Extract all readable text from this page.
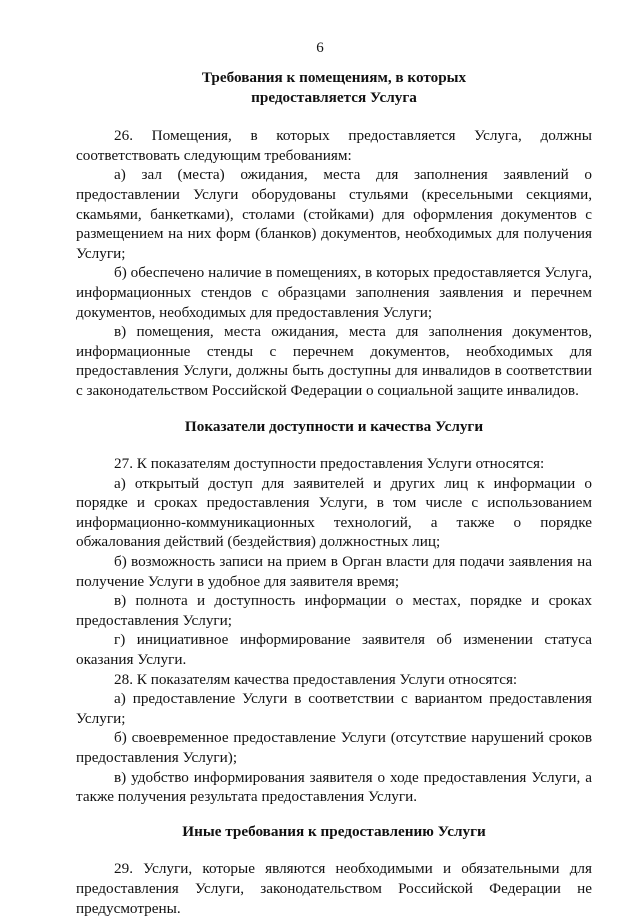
6
Требования к помещениям, в которых
предоставляется Услуга

26. Помещения, в которых предоставляется Услуга, должны соответствовать следующим требованиям:

а) зал (места) ожидания, места для заполнения заявлений о предоставлении Услуги оборудованы стульями (кресельными секциями, скамьями, банкетками), столами (стойками) для оформления документов с размещением на них форм (бланков) документов, необходимых для получения Услуги;

б) обеспечено наличие в помещениях, в которых предоставляется Услуга, информационных стендов с образцами заполнения заявления и перечнем документов, необходимых для предоставления Услуги;

в) помещения, места ожидания, места для заполнения документов, информационные стенды с перечнем документов, необходимых для предоставления Услуги, должны быть доступны для инвалидов в соответствии с законодательством Российской Федерации о социальной защите инвалидов.

Показатели доступности и качества Услуги

27. К показателям доступности предоставления Услуги относятся:

а) открытый доступ для заявителей и других лиц к информации о порядке и сроках предоставления Услуги, в том числе с использованием информационно-коммуникационных технологий, а также о порядке обжалования действий (бездействия) должностных лиц;

б) возможность записи на прием в Орган власти для подачи заявления на получение Услуги в удобное для заявителя время;

в) полнота и доступность информации о местах, порядке и сроках предоставления Услуги;

г) инициативное информирование заявителя об изменении статуса оказания Услуги.

28. К показателям качества предоставления Услуги относятся:

а) предоставление Услуги в соответствии с вариантом предоставления Услуги;

б) своевременное предоставление Услуги (отсутствие нарушений сроков предоставления Услуги);

в) удобство информирования заявителя о ходе предоставления Услуги, а также получения результата предоставления Услуги.

Иные требования к предоставлению Услуги

29. Услуги, которые являются необходимыми и обязательными для предоставления Услуги, законодательством Российской Федерации не предусмотрены.
